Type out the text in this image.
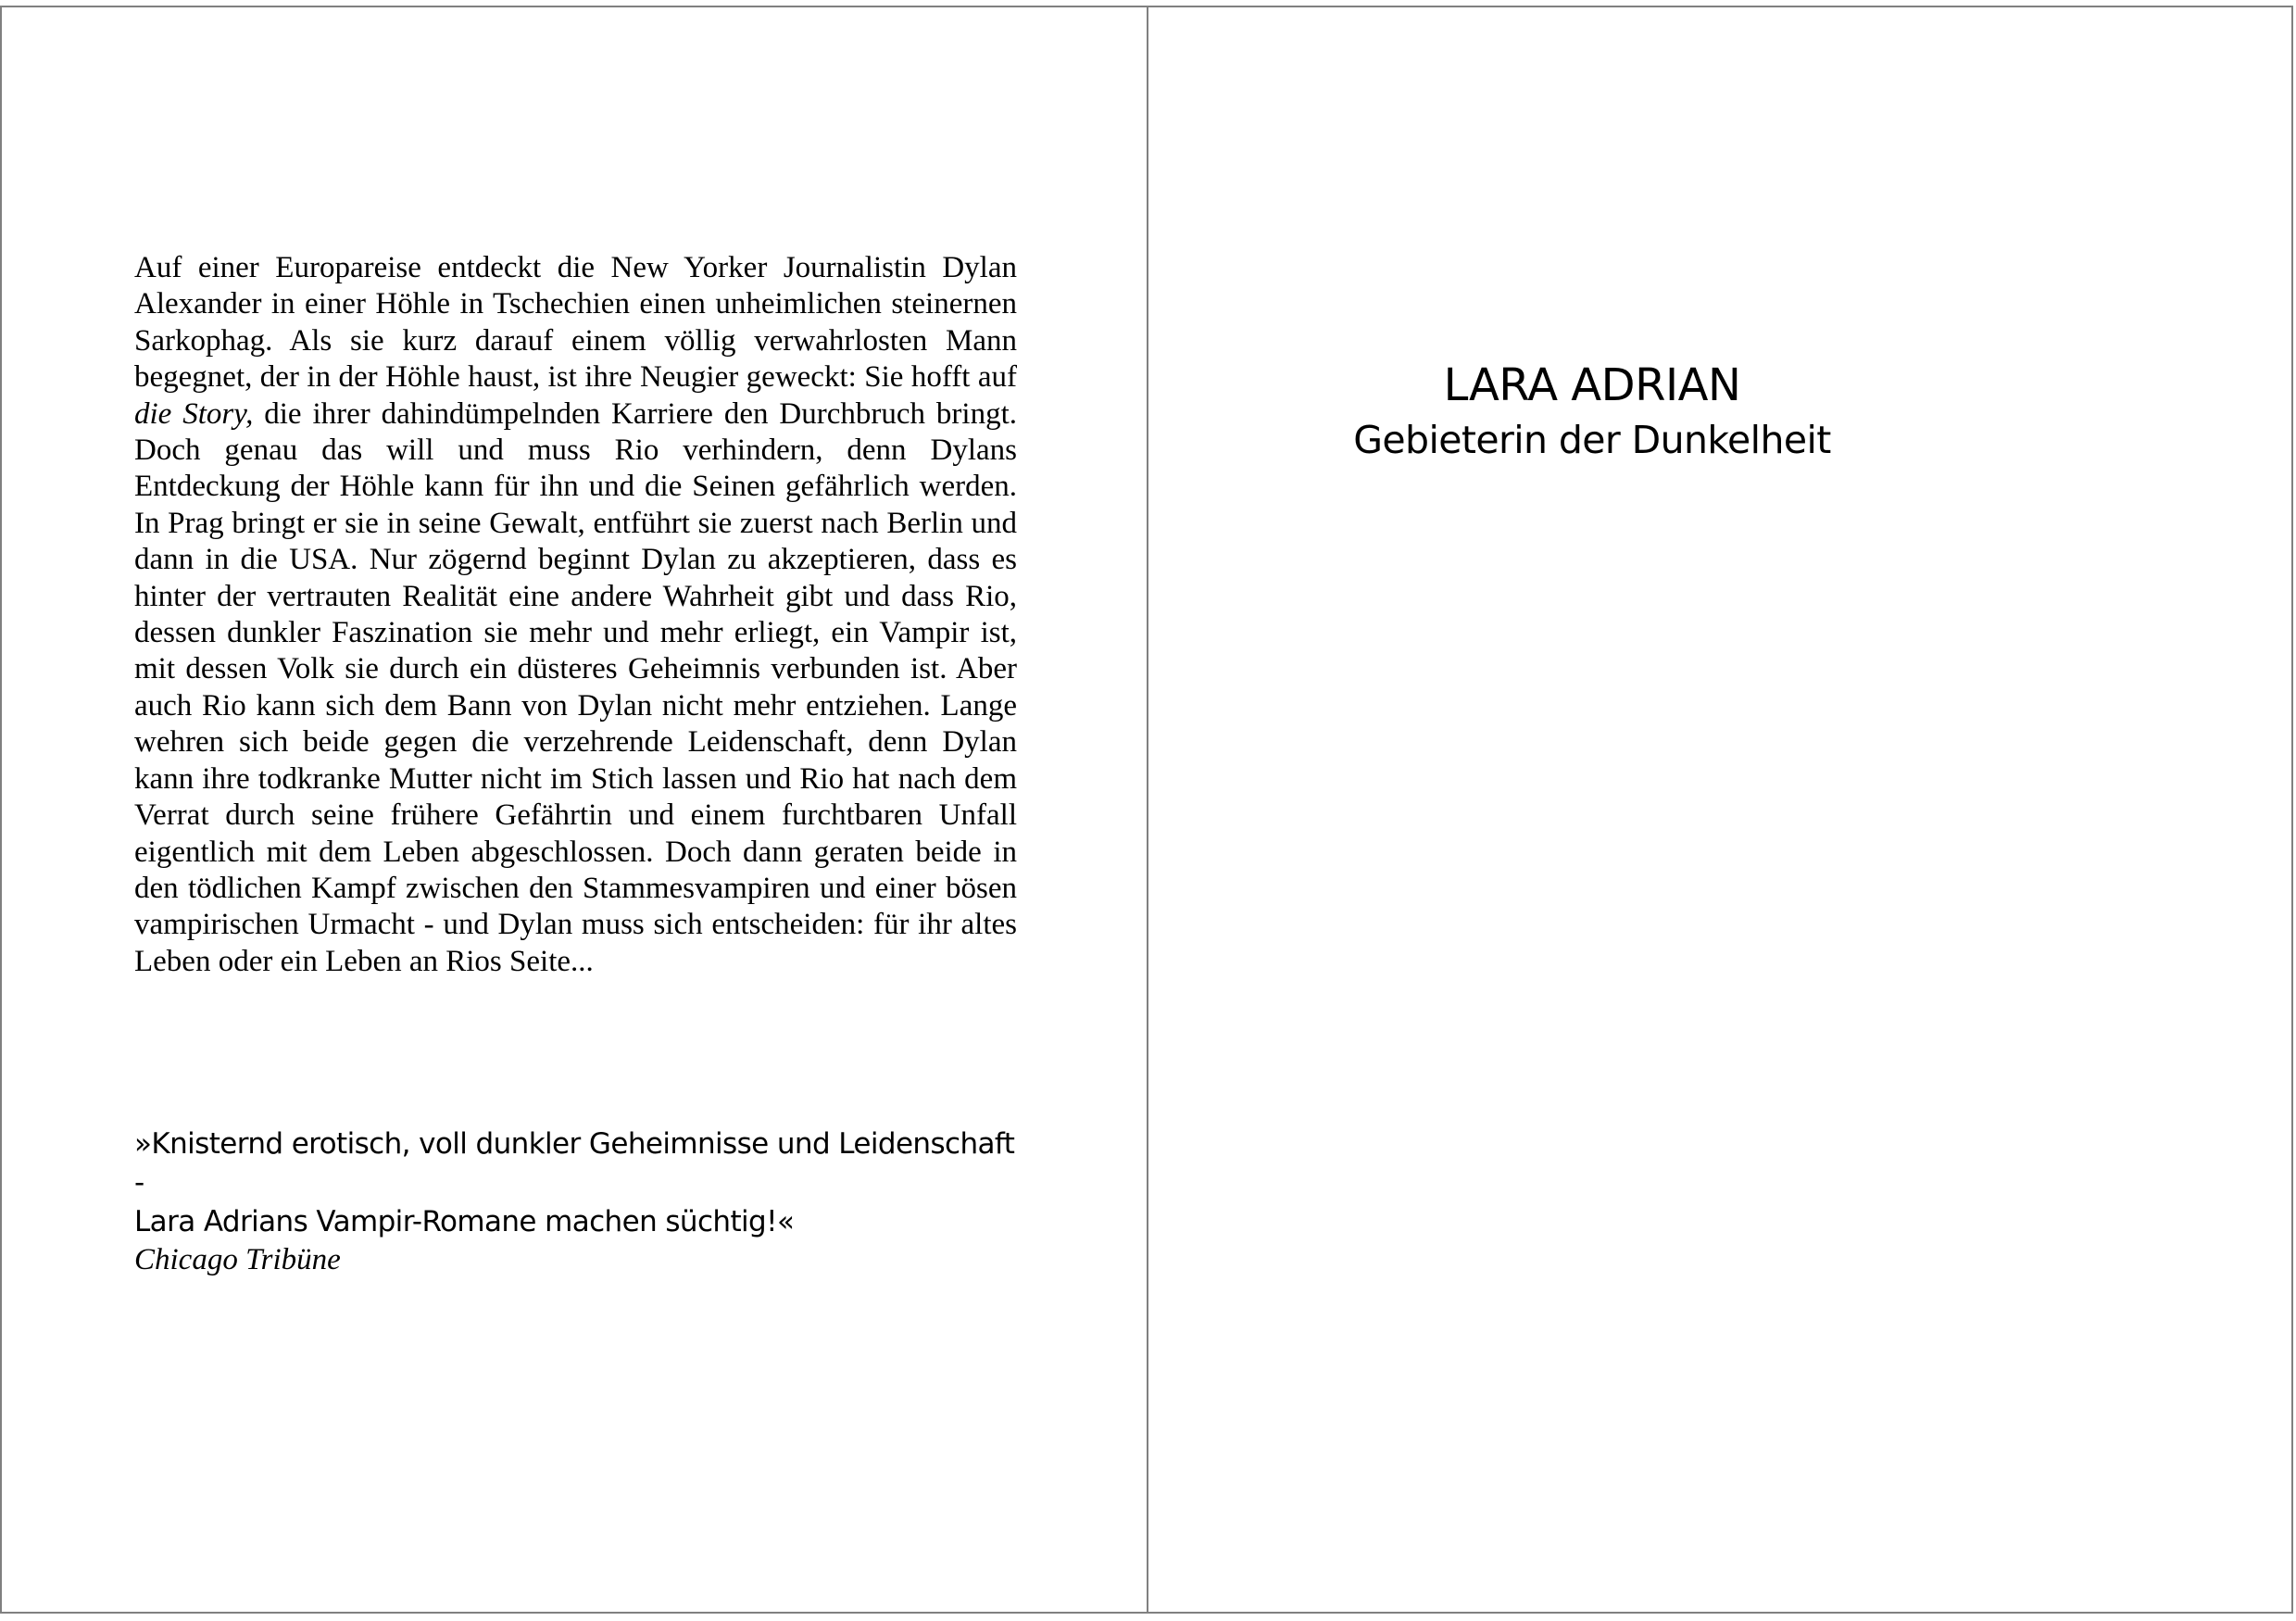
Auf einer Europareise entdeckt die New Yorker Journalistin Dylan Alexander in einer Höhle in Tschechien einen unheimlichen steinernen Sarkophag. Als sie kurz darauf einem völlig verwahrlosten Mann begegnet, der in der Höhle haust, ist ihre Neugier geweckt: Sie hofft auf die Story, die ihrer dahindümpelnden Karriere den Durchbruch bringt. Doch genau das will und muss Rio verhindern, denn Dylans Entdeckung der Höhle kann für ihn und die Seinen gefährlich werden. In Prag bringt er sie in seine Gewalt, entführt sie zuerst nach Berlin und dann in die USA. Nur zögernd beginnt Dylan zu akzeptieren, dass es hinter der vertrauten Realität eine andere Wahrheit gibt und dass Rio, dessen dunkler Faszination sie mehr und mehr erliegt, ein Vampir ist, mit dessen Volk sie durch ein düsteres Geheimnis verbunden ist. Aber auch Rio kann sich dem Bann von Dylan nicht mehr entziehen. Lange wehren sich beide gegen die verzehrende Leidenschaft, denn Dylan kann ihre todkranke Mutter nicht im Stich lassen und Rio hat nach dem Verrat durch seine frühere Gefährtin und einem furchtbaren Unfall eigentlich mit dem Leben abgeschlossen. Doch dann geraten beide in den tödlichen Kampf zwischen den Stammesvampiren und einer bösen vampirischen Urmacht - und Dylan muss sich entscheiden: für ihr altes Leben oder ein Leben an Rios Seite...

»Knisternd erotisch, voll dunkler Geheimnisse und Leidenschaft -

Lara Adrians Vampir-Romane machen süchtig!«

Chicago Tribüne

LARA ADRIAN

Gebieterin der Dunkelheit
